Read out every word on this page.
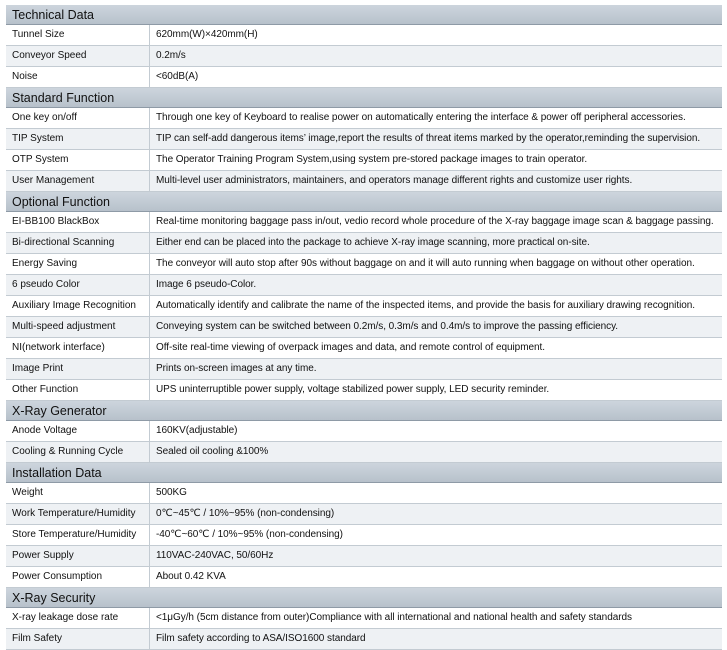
Technical Data
Tunnel Size	620mm(W)×420mm(H)
Conveyor Speed	0.2m/s
Noise	<60dB(A)
Standard Function
One key on/off	Through one key of Keyboard to realise power on automatically entering the interface & power off peripheral accessories.
TIP System	TIP can self-add dangerous items’ image,report the results of threat items marked by the operator,reminding the supervision.
OTP System	The Operator Training Program System,using system pre-stored package images to train operator.
User Management	Multi-level user administrators, maintainers, and operators manage different rights and customize user rights.
Optional Function
EI-BB100 BlackBox	Real-time monitoring baggage pass in/out, vedio record whole procedure of the X-ray baggage image scan & baggage passing.
Bi-directional Scanning	Either end can be placed into the package to achieve X-ray image scanning, more practical on-site.
Energy Saving	The conveyor will auto stop after 90s without baggage on and it will auto running when baggage on without other operation.
6 pseudo Color	Image 6 pseudo-Color.
Auxiliary Image Recognition	Automatically identify and calibrate the name of the inspected items, and provide the basis for auxiliary drawing recognition.
Multi-speed adjustment	Conveying system can be switched between 0.2m/s, 0.3m/s and 0.4m/s to improve the passing efficiency.
NI(network interface)	Off-site real-time viewing of overpack images and data, and remote control of equipment.
Image Print	Prints on-screen images at any time.
Other Function	UPS uninterruptible power supply, voltage stabilized power supply, LED security reminder.
X-Ray Generator
Anode Voltage	160KV(adjustable)
Cooling & Running Cycle	Sealed oil cooling &100%
Installation Data
Weight	500KG
Work Temperature/Humidity	0℃~45℃ / 10%~95% (non-condensing)
Store Temperature/Humidity	-40℃~60℃ / 10%~95% (non-condensing)
Power Supply	110VAC-240VAC, 50/60Hz
Power Consumption	About 0.42 KVA
X-Ray Security
X-ray leakage dose rate	<1μGy/h (5cm distance from outer)Compliance with all international and national health and safety standards
Film Safety	Film safety according to ASA/ISO1600 standard
